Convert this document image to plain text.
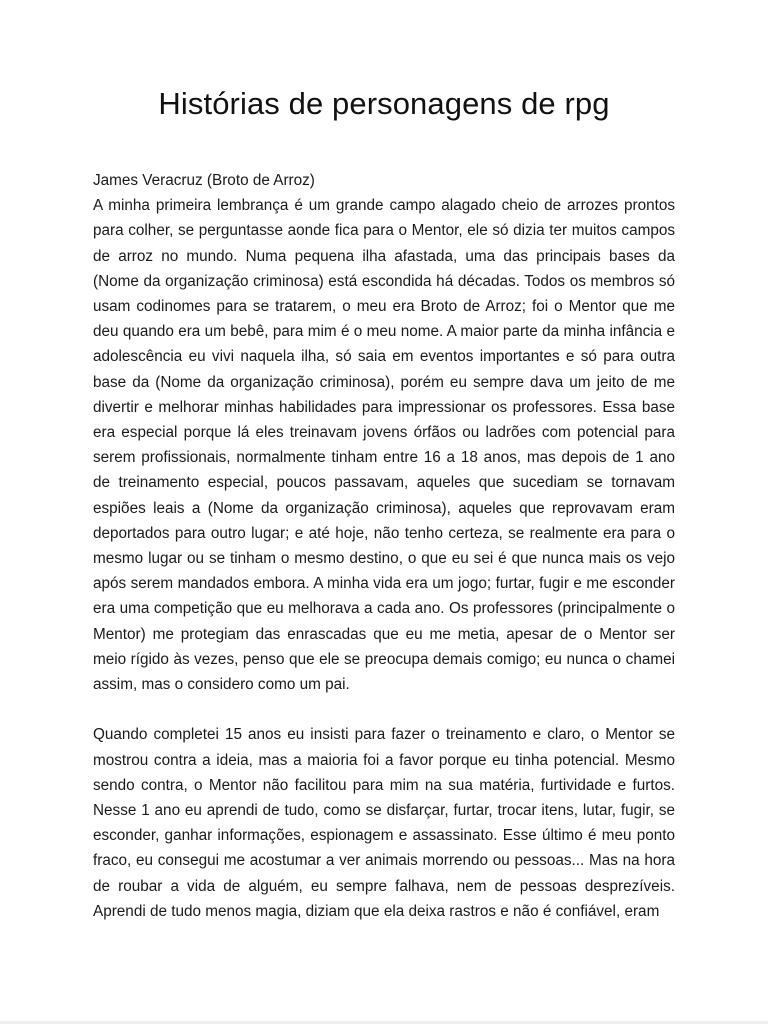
Histórias de personagens de rpg

James Veracruz (Broto de Arroz)

A minha primeira lembrança é um grande campo alagado cheio de arrozes prontos para colher, se perguntasse aonde fica para o Mentor, ele só dizia ter muitos campos de arroz no mundo. Numa pequena ilha afastada, uma das principais bases da (Nome da organização criminosa) está escondida há décadas. Todos os membros só usam codinomes para se tratarem, o meu era Broto de Arroz; foi o Mentor que me deu quando era um bebê, para mim é o meu nome. A maior parte da minha infância e adolescência eu vivi naquela ilha, só saia em eventos importantes e só para outra base da (Nome da organização criminosa), porém eu sempre dava um jeito de me divertir e melhorar minhas habilidades para impressionar os professores. Essa base era especial porque lá eles treinavam jovens órfãos ou ladrões com potencial para serem profissionais, normalmente tinham entre 16 a 18 anos, mas depois de 1 ano de treinamento especial, poucos passavam, aqueles que sucediam se tornavam espiões leais a (Nome da organização criminosa), aqueles que reprovavam eram deportados para outro lugar; e até hoje, não tenho certeza, se realmente era para o mesmo lugar ou se tinham o mesmo destino, o que eu sei é que nunca mais os vejo após serem mandados embora. A minha vida era um jogo; furtar, fugir e me esconder era uma competição que eu melhorava a cada ano. Os professores (principalmente o Mentor) me protegiam das enrascadas que eu me metia, apesar de o Mentor ser meio rígido às vezes, penso que ele se preocupa demais comigo; eu nunca o chamei assim, mas o considero como um pai.

Quando completei 15 anos eu insisti para fazer o treinamento e claro, o Mentor se mostrou contra a ideia, mas a maioria foi a favor porque eu tinha potencial. Mesmo sendo contra, o Mentor não facilitou para mim na sua matéria, furtividade e furtos. Nesse 1 ano eu aprendi de tudo, como se disfarçar, furtar, trocar itens, lutar, fugir, se esconder, ganhar informações, espionagem e assassinato. Esse último é meu ponto fraco, eu consegui me acostumar a ver animais morrendo ou pessoas... Mas na hora de roubar a vida de alguém, eu sempre falhava, nem de pessoas desprezíveis. Aprendi de tudo menos magia, diziam que ela deixa rastros e não é confiável, eram
